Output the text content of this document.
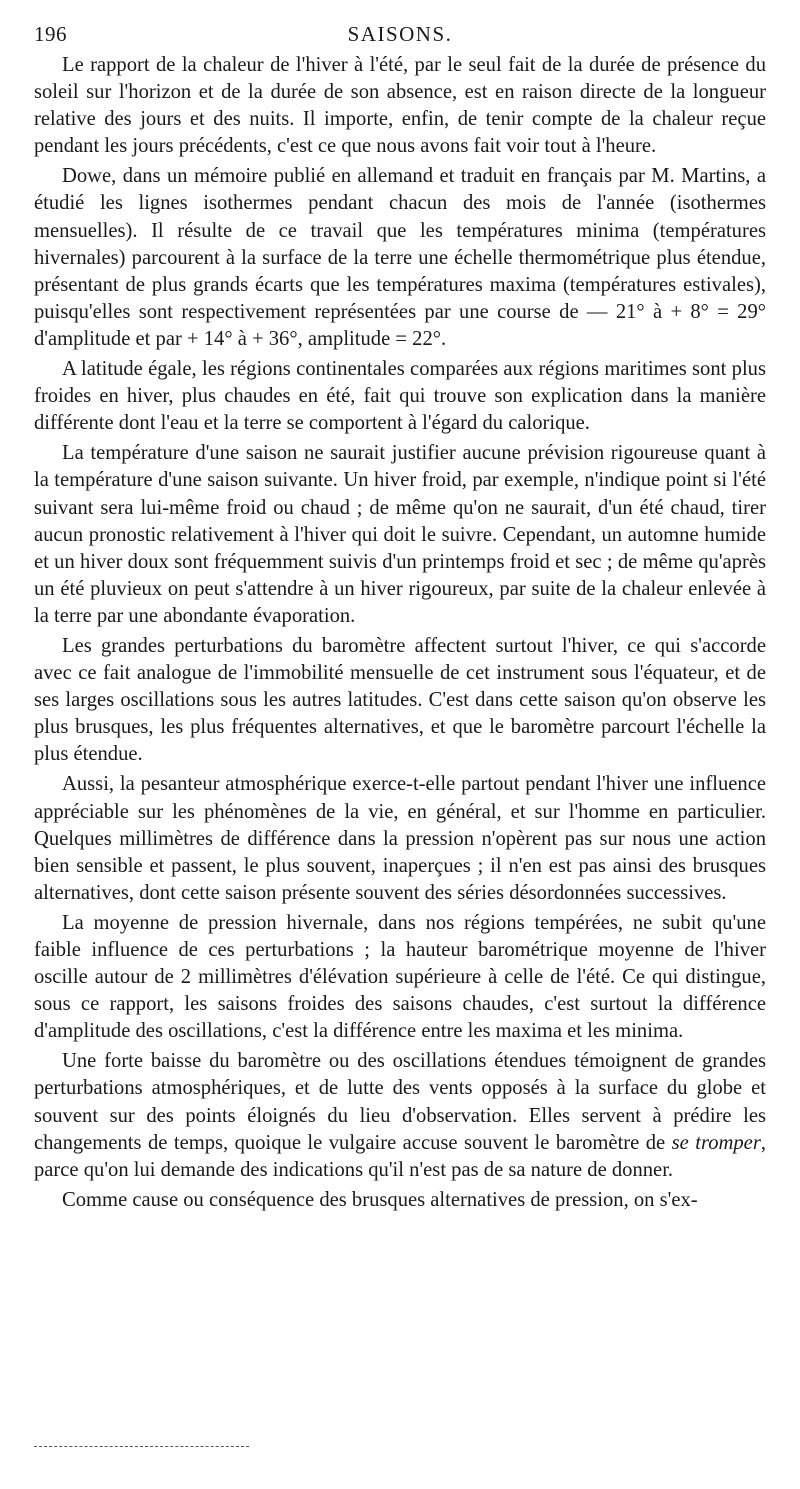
196	SAISONS.

Le rapport de la chaleur de l'hiver à l'été, par le seul fait de la durée de présence du soleil sur l'horizon et de la durée de son absence, est en raison directe de la longueur relative des jours et des nuits. Il importe, enfin, de tenir compte de la chaleur reçue pendant les jours précédents, c'est ce que nous avons fait voir tout à l'heure.

Dowe, dans un mémoire publié en allemand et traduit en français par M. Martins, a étudié les lignes isothermes pendant chacun des mois de l'année (isothermes mensuelles). Il résulte de ce travail que les températures minima (températures hivernales) parcourent à la surface de la terre une échelle thermométrique plus étendue, présentant de plus grands écarts que les températures maxima (températures estivales), puisqu'elles sont respectivement représentées par une course de — 21° à + 8° = 29° d'amplitude et par + 14° à + 36°, amplitude = 22°.

A latitude égale, les régions continentales comparées aux régions maritimes sont plus froides en hiver, plus chaudes en été, fait qui trouve son explication dans la manière différente dont l'eau et la terre se comportent à l'égard du calorique.

La température d'une saison ne saurait justifier aucune prévision rigoureuse quant à la température d'une saison suivante. Un hiver froid, par exemple, n'indique point si l'été suivant sera lui-même froid ou chaud ; de même qu'on ne saurait, d'un été chaud, tirer aucun pronostic relativement à l'hiver qui doit le suivre. Cependant, un automne humide et un hiver doux sont fréquemment suivis d'un printemps froid et sec ; de même qu'après un été pluvieux on peut s'attendre à un hiver rigoureux, par suite de la chaleur enlevée à la terre par une abondante évaporation.

Les grandes perturbations du baromètre affectent surtout l'hiver, ce qui s'accorde avec ce fait analogue de l'immobilité mensuelle de cet instrument sous l'équateur, et de ses larges oscillations sous les autres latitudes. C'est dans cette saison qu'on observe les plus brusques, les plus fréquentes alternatives, et que le baromètre parcourt l'échelle la plus étendue.

Aussi, la pesanteur atmosphérique exerce-t-elle partout pendant l'hiver une influence appréciable sur les phénomènes de la vie, en général, et sur l'homme en particulier. Quelques millimètres de différence dans la pression n'opèrent pas sur nous une action bien sensible et passent, le plus souvent, inaperçues ; il n'en est pas ainsi des brusques alternatives, dont cette saison présente souvent des séries désordonnées successives.

La moyenne de pression hivernale, dans nos régions tempérées, ne subit qu'une faible influence de ces perturbations ; la hauteur barométrique moyenne de l'hiver oscille autour de 2 millimètres d'élévation supérieure à celle de l'été. Ce qui distingue, sous ce rapport, les saisons froides des saisons chaudes, c'est surtout la différence d'amplitude des oscillations, c'est la différence entre les maxima et les minima.

Une forte baisse du baromètre ou des oscillations étendues témoignent de grandes perturbations atmosphériques, et de lutte des vents opposés à la surface du globe et souvent sur des points éloignés du lieu d'observation. Elles servent à prédire les changements de temps, quoique le vulgaire accuse souvent le baromètre de se tromper, parce qu'on lui demande des indications qu'il n'est pas de sa nature de donner.

Comme cause ou conséquence des brusques alternatives de pression, on s'ex-
